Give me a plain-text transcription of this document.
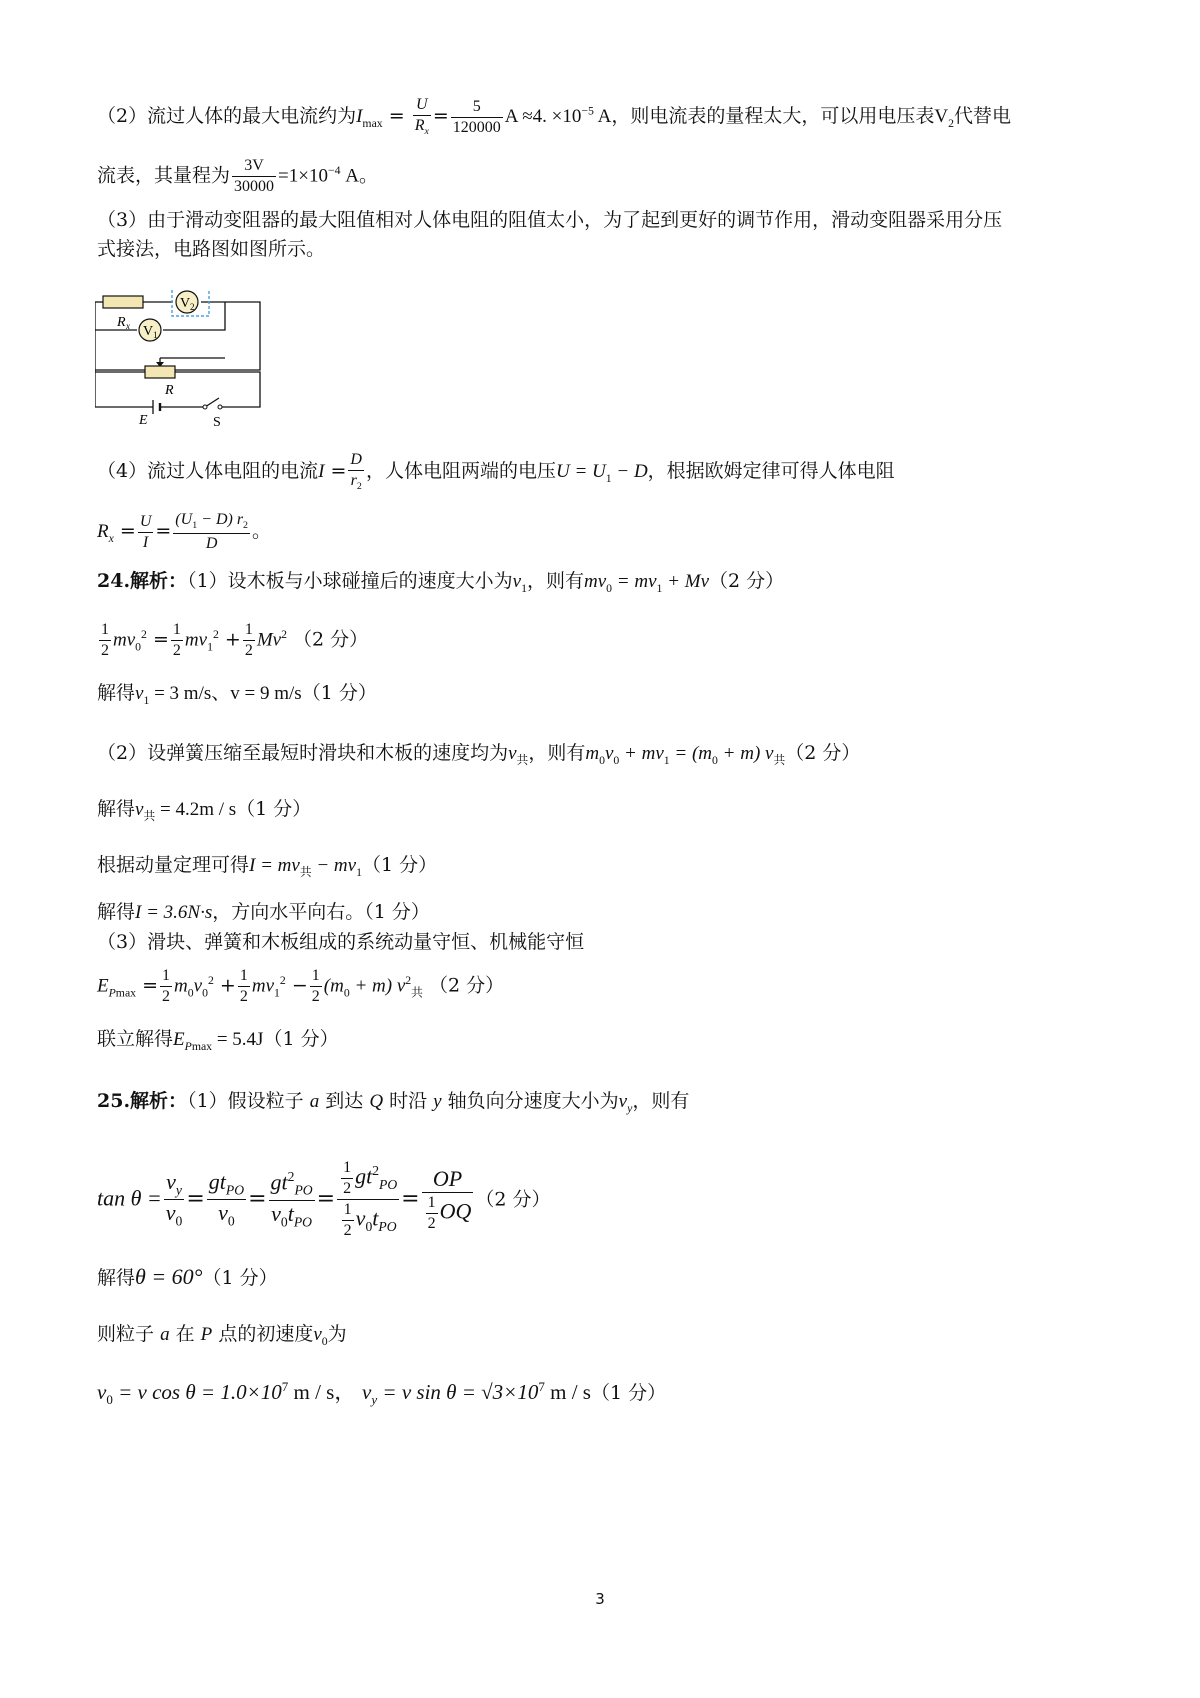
（2）流过人体的最大电流约为$I_{max} = \frac{U}{R_x} = \frac{5}{120000}$ A ≈4. $\times 10^{-5}$ A，则电流表的量程太大，可以用电压表$V_2$代替电
流表，其量程为 $\frac{3V}{30000} =1\times 10^{-4}$ A。
（3）由于滑动变阻器的最大阻值相对人体电阻的阻值太小，为了起到更好的调节作用，滑动变阻器采用分压
式接法，电路图如图所示。
V 2
R x V 1
R
E	S
（4）流过人体电阻的电流$I = \frac{D}{r_2}$ ，人体电阻两端的电压$U = U_1 - D$，根据欧姆定律可得人体电阻
$R_x = \frac{U}{I} = \frac{(U_1 - D) r_2}{D}$ 。
24.解析：（1）设木板与小球碰撞后的速度大小为$v_1$，则有$mv_0 = mv_1 + Mv(2$ 分）
$\frac{1}{2} mv_0^2 = \frac{1}{2} mv_1^2 + \frac{1}{2} Mv^2$ （2 分）
解得$v_1 = 3$ m/s、v = 9 m/s（1 分）
（2）设弹簧压缩至最短时滑块和木板的速度均为$v_共$，则有$m_0v_0 + mv_1 = (m_0 + m)$ $v_共(2$ 分）
解得$v_共 = 4.2m / s(1$ 分）
根据动量定理可得$I = mv_共 - mv_1(1$ 分）
解得I = 3.6N·s，方向水平向右。（1 分）
（3）滑块、弹簧和木板组成的系统动量守恒、机械能守恒
$E_{Pmax} = \frac{1}{2} m_0v_0^2 + \frac{1}{2} mv_1^2 - \frac{1}{2} (m_0 + m)$ $v^2_共$ （2 分）
联立解得$E_{Pmax} = 5.4J(1$ 分）
25.解析：（1）假设粒子 a 到达 Q 时沿 y 轴负向分速度大小为$v_y$，则有
$\tan \theta = \frac{v_y}{v_0} = \frac{gt_{PO}}{v_0} = \frac{gt^2_{PO}}{v_0t_{PO}} = \frac{\frac{1}{2} gt^2_{PO}}{\frac{1}{2} v_0t_{PO}} = \frac{OP}{\frac{1}{2} OQ} (2$ 分）
解得θ = 60°（1 分）
则粒子 a 在 P 点的初速度$v_0$为
$v_0 = v$ $\cos \theta = 1.0\times 10^7$ m / s， $v_y = v$ $\sin \theta = √3\times 10^7$ m / s（1 分）
3
